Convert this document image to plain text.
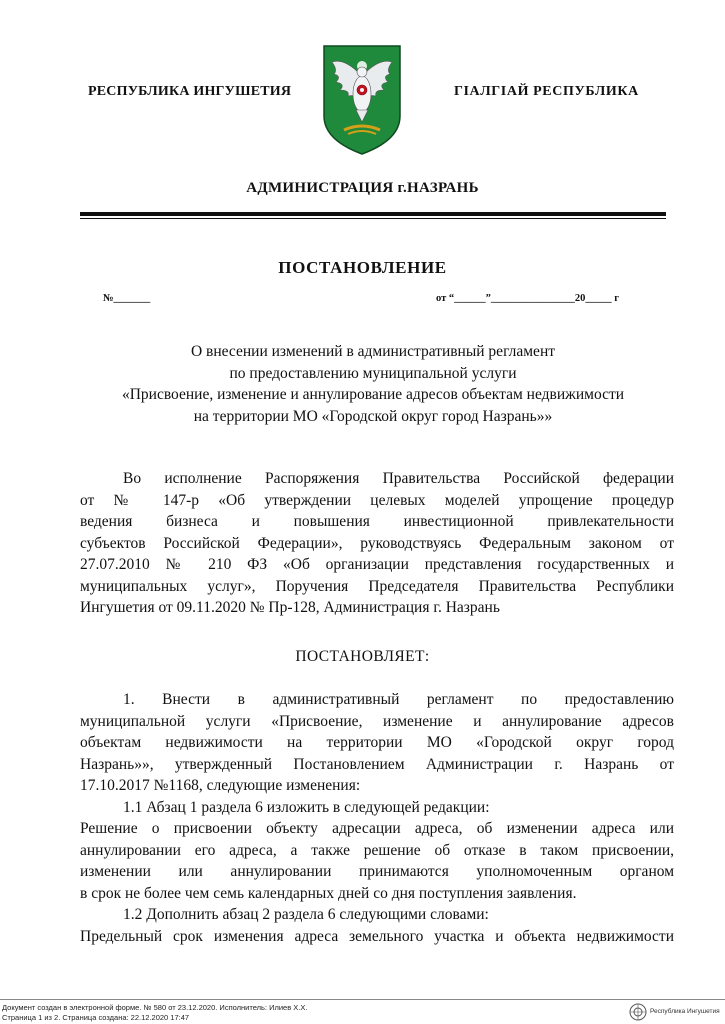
РЕСПУБЛИКА ИНГУШЕТИЯ	ГІАЛГІАЙ РЕСПУБЛИКА
АДМИНИСТРАЦИЯ г.НАЗРАНЬ
ПОСТАНОВЛЕНИЕ
№_______	от “______”________________20_____ г
О внесении изменений в административный регламент
по предоставлению муниципальной услуги
«Присвоение, изменение и аннулирование адресов объектам недвижимости
на территории МО «Городской округ город Назрань»»
Во исполнение Распоряжения Правительства Российской федерации
от № 147-р «Об утверждении целевых моделей упрощение процедур
ведения бизнеса и повышения инвестиционной привлекательности
субъектов Российской Федерации», руководствуясь Федеральным законом от
27.07.2010 № 210 ФЗ «Об организации представления государственных и
муниципальных услуг», Поручения Председателя Правительства Республики
Ингушетия от 09.11.2020 № Пр-128, Администрация г. Назрань
ПОСТАНОВЛЯЕТ:
1. Внести в административный регламент по предоставлению
муниципальной услуги «Присвоение, изменение и аннулирование адресов
объектам недвижимости на территории МО «Городской округ город
Назрань»», утвержденный Постановлением Администрации г. Назрань от
17.10.2017 №1168, следующие изменения:
1.1 Абзац 1 раздела 6 изложить в следующей редакции:
Решение о присвоении объекту адресации адреса, об изменении адреса или
аннулировании его адреса, а также решение об отказе в таком присвоении,
изменении или аннулировании принимаются уполномоченным органом
в срок не более чем семь календарных дней со дня поступления заявления.
1.2 Дополнить абзац 2 раздела 6 следующими словами:
Предельный срок изменения адреса земельного участка и объекта недвижимости
Документ создан в электронной форме. № 580 от 23.12.2020. Исполнитель: Илиев Х.Х.
Страница 1 из 2. Страница создана: 22.12.2020 17:47
Республика Ингушетия
